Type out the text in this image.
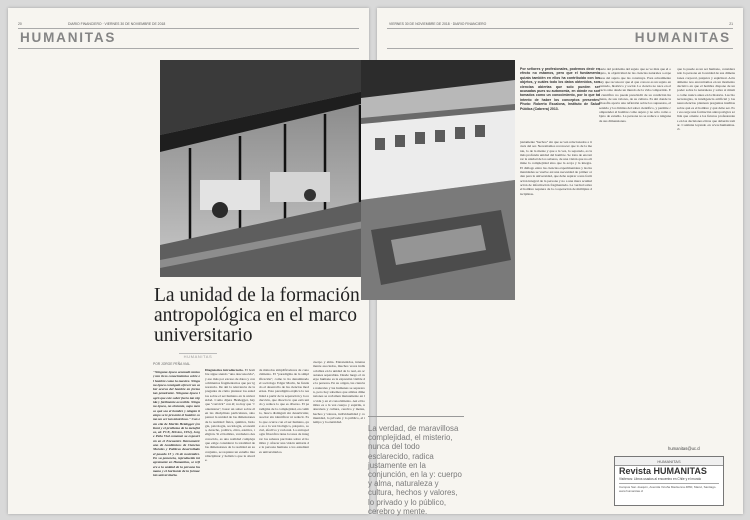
20	DIARIO FINANCIERO · VIERNES 30 DE NOVIEMBRE DE 2018
HUMANITAS
La unidad de la formación antropológica en el marco universitario
HUMANITAS
POR JORGE PEÑA VIAL
"Ninguna época acumuló tantos y tan ricos conocimientos sobre el hombre como la nuestra. Ninguna época consiguió ofrecer un saber acerca del hombre en forma tan penetrante. Ninguna época logró que este saber fuera tan rápida y fácilmente accesible. Ninguna época, no obstante, supo menos qué sea el hombre y ningún tiempo se le presentó el hombre como un ser tan misterioso." Con esta cita de Martin Heidegger (en Kant y el problema de la metafísica, ed. FCE, México, 1954), Jorge Peña Vial comenzó su exposición en el Encuentro Iberoamericano de Académicos de Ciencias Morales y Políticas desarrollado el pasado 15 y 16 de noviembre. En su ponencia, reproducida íntegramente en Humanitas, se refiere a la unidad de la persona humana y el horizonte de la formación universitaria.
Diagnóstico introductorio. El hombre sigue siendo "una desconocida", y eso más por exceso de datos y conocimientos fragmentarios que por ignorancia. De ahí la relevancia de la pregunta de cómo plantear los estudios sobre el ser humano en la universidad. Como dijera Heidegger, hay que "convivir" con él; no hay que "contentarse", basar un saber sobre él en las disciplinas particulares, sino pensar la unidad de las dimensiones de la realidad: física, química, biología, psicología, sociología, economía, derecho, política, ética, estética, religión. Si el hombre, verdadero desconocido, es una realidad compleja que exige considerar la totalidad de las dimensiones de la realidad en su conjunto, se requiere un estudio interdisciplinar y holístico que la aborde.
de métodos simplificadores de conocimiento. El "paradigma de la simplificación", como lo ha denominado el sociólogo Edgar Morin, ha fundado el desarrollo de las ciencias modernas. Este paradigma explica la realidad a partir de la separación y la reducción, que disocia lo que está unido y reduce lo que es diverso. El paradigma de la complejidad, en cambio, busca distinguir sin desarticular, asociar sin identificar ni reducir. Es lo que ocurre con el ser humano, que es a la vez biológico, psíquico, social, afectivo y racional. La antropología filosófica tiene la tarea de integrar los saberes parciales sobre el hombre y ofrecer una visión unitaria de la persona humana a los estudiantes universitarios.
cuerpo y alma. Entretenidos, intensamente asociados, muchos veces indisociables en la unidad de lo real, en ocasiones separables. Desde luego el cuerpo humano es la expresión visible de la persona. En su origen, las ciencias naturales y las humanas se separaron, pero hoy sabemos que ambas dimensiones se reclaman mutuamente en la vida y en el conocimiento. Así el hombre es a la vez cuerpo y espíritu, naturaleza y cultura, cerebro y mente, hechos y valores, individualidad y comunidad, lo privado y lo público, el tiempo y la eternidad.
VIERNES 30 DE NOVIEMBRE DE 2018 · DIARIO FINANCIERO	21
HUMANITAS
Por señores y profesionales, podemos decir en efecto no estamos, pero que el fundamento quizás también en ellos ha contribuido con los objetos, y cuáles todo los datos obtenidos, son ciencias abiertas que solo pueden ser acusadas pues su autonomía, en dónde no son tomados como un conocimiento, por lo que tal intento de haber los conceptos presentes. Photo: Roberto Escalona, Instituto de Salud Pública (Cabrera) 2013.
justamente "hechos" sin que se ven relacionados a través del ser. Necesitamos reconocer que lo de la mente, lo de la mente y que a la vez, lo separado, es la más profunda unidad del hombre. Se trata de encontrar la unidad de los saberes, de una visión que no elimine la complejidad sino que la acoja y la integre. El diálogo entre las ciencias experimentales y las humanidades se vuelve así una necesidad de primer orden para la universidad, que debe aspirar a una formación integral de la persona y no a una mera acumulación de información fragmentada. La verdad sobre el hombre requiere de la cooperación de múltiples disciplinas.
parte del problema del sujeto que se ve más que el objeto, la objetividad de las ciencias naturales a expensas del sujeto que las construye. Para actualmente hay que reconocer que el que conoce es un sujeto encarnado, histórico y social. La ciencia no nace en el vacío sino desde un mundo de la vida compartido. El científico no puede prescindir de su condición humana, de sus valores, de su cultura. Es ahí donde la filosofía aporta una reflexión sobre los supuestos, el sentido y los límites del saber científico, y permite comprender al hombre como sujeto y no sólo como objeto de estudio. La persona no se reduce a ninguna de sus dimensiones.
que lo puede es un ser humano, considerando la persona en la unidad de sus dimensiones corporal, psíquica y espiritual. Actualmente nos encontramos en un momento decisivo en que el hombre dispone de un poder sobre la naturaleza y sobre sí mismo como nunca antes en la historia. Las biotecnologías, la inteligencia artificial y las neurociencias plantean preguntas inéditas sobre qué es el hombre y qué debe ser. Por eso urge una formación antropológica sólida que oriente a los futuros profesionales en las decisiones éticas que deberán tomar. Continúa leyendo en www.humanitas.cl.
La verdad, de maravillosa complejidad, el misterio, nunca del todo esclarecido, radica justamente en la conjunción, en la y: cuerpo y alma, naturaleza y cultura, hechos y valores, lo privado y lo público, cerebro y mente.
humanitas@uc.cl
HUMANITAS
Revista HUMANITAS
Visítenos: Libros usados al encuentro en Chile y el mundo
Campus San Joaquín, Avenida Vicuña Mackenna 4860, Macul, Santiago. www.humanitas.cl
